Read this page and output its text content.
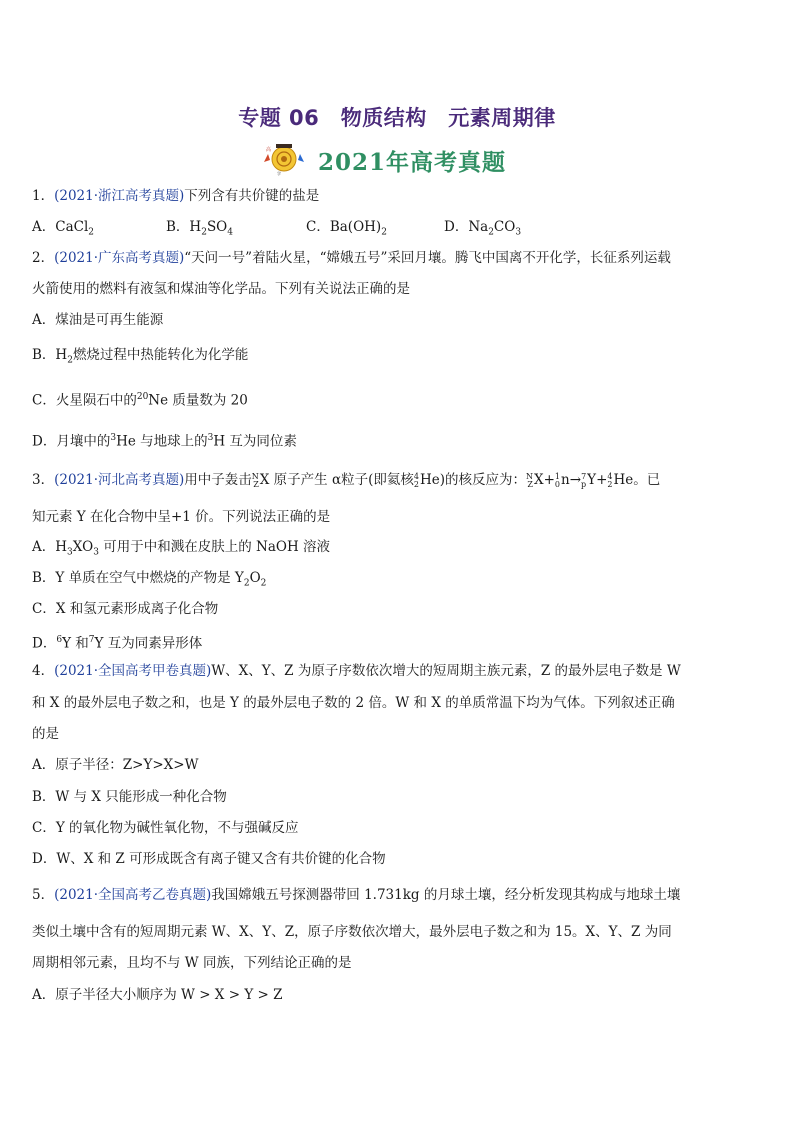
专题 06　物质结构　元素周期律
高
学 2021年高考真题
1．(2021·浙江高考真题)下列含有共价键的盐是
A．CaCl$_2$	B．$H_2SO_4$	C．$Ba(OH)_2$	D．$Na_2CO_3$
2．(2021·广东高考真题)“天问一号”着陆火星，“嫦娥五号”采回月壤。腾飞中国离不开化学，长征系列运载
火箭使用的燃料有液氢和煤油等化学品。下列有关说法正确的是
A．煤油是可再生能源
B．$H_2$燃烧过程中热能转化为化学能
C．火星陨石中的$^{20}$Ne 质量数为 20
D．月壤中的$^3$He 与地球上的$^3$H 互为同位素
3．(2021·河北高考真题)用中子轰击 N
Z X 原子产生 α粒子(即氦核 4
2 He)的核反应为： N
Z X+ 1
0 n→ 7
p Y+ 4
2 He。已
知元素 Y 在化合物中呈+1 价。下列说法正确的是
A．$H_3XO_3$ 可用于中和溅在皮肤上的 NaOH 溶液
B．Y 单质在空气中燃烧的产物是 $Y_2O_2$
C．X 和氢元素形成离子化合物
D．$^6$Y 和$^7$Y 互为同素异形体
4．(2021·全国高考甲卷真题)W、X、Y、Z 为原子序数依次增大的短周期主族元素，Z 的最外层电子数是 W
和 X 的最外层电子数之和，也是 Y 的最外层电子数的 2 倍。W 和 X 的单质常温下均为气体。下列叙述正确
的是
A．原子半径：Z>Y>X>W
B．W 与 X 只能形成一种化合物
C．Y 的氧化物为碱性氧化物，不与强碱反应
D．W、X 和 Z 可形成既含有离子键又含有共价键的化合物
5．(2021·全国高考乙卷真题)我国嫦娥五号探测器带回 1.731kg 的月球土壤，经分析发现其构成与地球土壤
类似土壤中含有的短周期元素 W、X、Y、Z，原子序数依次增大，最外层电子数之和为 15。X、Y、Z 为同
周期相邻元素，且均不与 W 同族，下列结论正确的是
A．原子半径大小顺序为 W > X > Y > Z
